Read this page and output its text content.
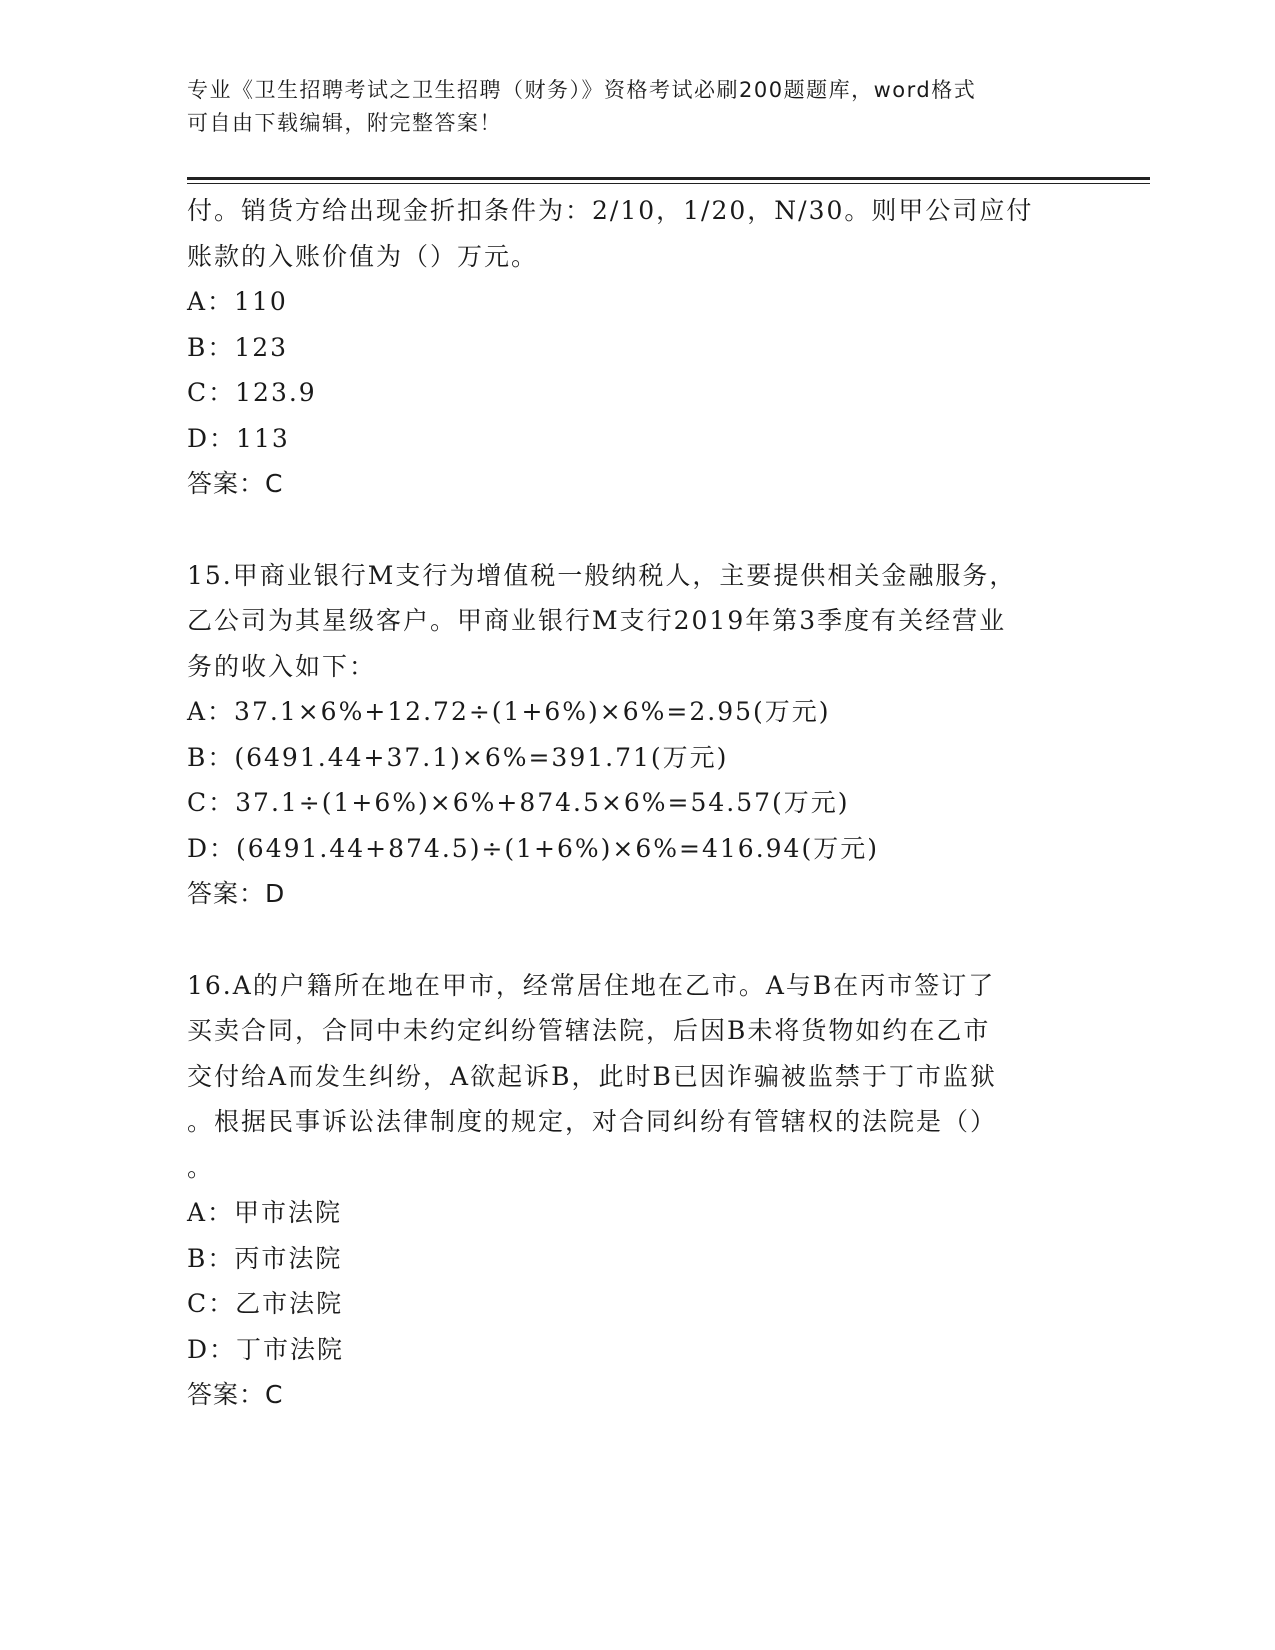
专业《卫生招聘考试之卫生招聘（财务）》资格考试必刷200题题库，word格式
可自由下载编辑，附完整答案！
付。销货方给出现金折扣条件为：2/10，1/20，N/30。则甲公司应付
账款的入账价值为（）万元。
A：110
B：123
C：123.9
D：113
答案：C
15.甲商业银行M支行为增值税一般纳税人，主要提供相关金融服务，
乙公司为其星级客户。甲商业银行M支行2019年第3季度有关经营业
务的收入如下：
A：37.1×6%+12.72÷(1+6%)×6%=2.95(万元)
B：(6491.44+37.1)×6%=391.71(万元)
C：37.1÷(1+6%)×6%+874.5×6%=54.57(万元)
D：(6491.44+874.5)÷(1+6%)×6%=416.94(万元)
答案：D
16.A的户籍所在地在甲市，经常居住地在乙市。A与B在丙市签订了
买卖合同，合同中未约定纠纷管辖法院，后因B未将货物如约在乙市
交付给A而发生纠纷，A欲起诉B，此时B已因诈骗被监禁于丁市监狱
。根据民事诉讼法律制度的规定，对合同纠纷有管辖权的法院是（）
。
A：甲市法院
B：丙市法院
C：乙市法院
D：丁市法院
答案：C
